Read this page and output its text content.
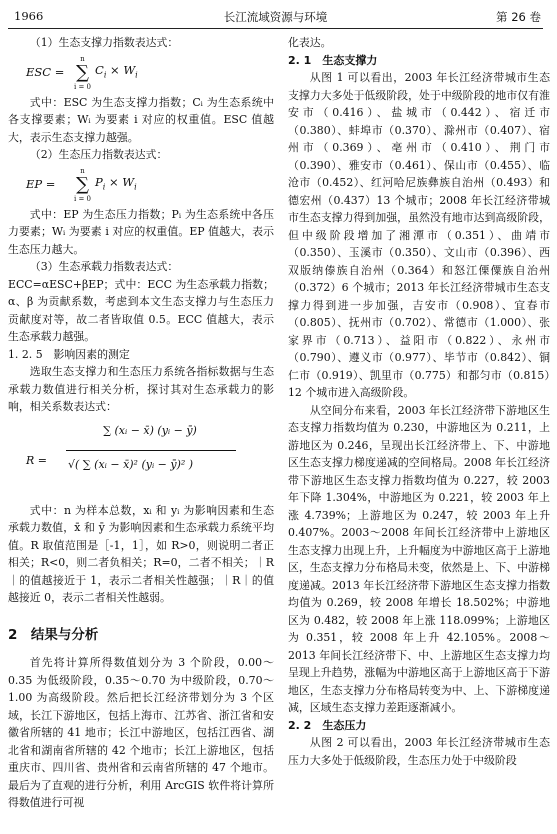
1966	长江流域资源与环境	第 26 卷

（1）生态支撑力指数表达式：

ESC =
n
∑
i = 0
$C_i \times W_i$

式中：ESC 为生态支撑力指数；Cᵢ 为生态系统中各支撑要素；Wᵢ 为要素 i 对应的权重值。ESC 值越大，表示生态支撑力越强。

（2）生态压力指数表达式：

EP =
n
∑
i = 0
$P_i \times W_i$

式中：EP 为生态压力指数；Pᵢ 为生态系统中各压力要素；Wᵢ 为要素 i 对应的权重值。EP 值越大，表示生态压力越大。

（3）生态承载力指数表达式：

ECC=αESC+βEP；式中：ECC 为生态承载力指数；α、β 为贡献系数，考虑到本文生态支撑力与生态压力贡献度对等，故二者皆取值 0.5。ECC 值越大，表示生态承载力越强。

1. 2. 5　影响因素的测定

选取生态支撑力和生态压力系统各指标数据与生态承载力数值进行相关分析，探讨其对生态承载力的影响，相关系数表达式：

R =
∑ (xᵢ − x̄) (yᵢ − ȳ)
√( ∑ (xᵢ − x̄)² (yᵢ − ȳ)² )

式中：n 为样本总数，xᵢ 和 yᵢ 为影响因素和生态承载力数值，x̄ 和 ȳ 为影响因素和生态承载力系统平均值。R 取值范围是［-1，1］，如 R>0，则说明二者正相关；R<0，则二者负相关；R=0，二者不相关；｜R｜的值越接近于 1，表示二者相关性越强；｜R｜的值越接近 0，表示二者相关性越弱。

2　结果与分析

首先将计算所得数值划分为 3 个阶段，0.00～0.35 为低级阶段，0.35～0.70 为中级阶段，0.70～1.00 为高级阶段。然后把长江经济带划分为 3 个区域，长江下游地区，包括上海市、江苏省、浙江省和安徽省所辖的 41 地市；长江中游地区，包括江西省、湖北省和湖南省所辖的 42 个地市；长江上游地区，包括重庆市、四川省、贵州省和云南省所辖的 47 个地市。最后为了直观的进行分析，利用 ArcGIS 软件将计算所得数值进行可视

化表达。

2. 1　生态支撑力

从图 1 可以看出，2003 年长江经济带城市生态支撑力大多处于低级阶段，处于中级阶段的地市仅有淮安市（0.416）、盐城市（0.442）、宿迁市（0.380）、蚌埠市（0.370）、滁州市（0.407）、宿州市（0.369）、亳州市（0.410）、荆门市（0.390）、雅安市（0.461）、保山市（0.455）、临沧市（0.452）、红河哈尼族彝族自治州（0.493）和德宏州（0.437）13 个城市；2008 年长江经济带城市生态支撑力得到加强，虽然没有地市达到高级阶段，但中级阶段增加了湘潭市（0.351）、曲靖市（0.350）、玉溪市（0.350）、文山市（0.396）、西双版纳傣族自治州（0.364）和怒江傈僳族自治州（0.372）6 个城市；2013 年长江经济带城市生态支撑力得到进一步加强，吉安市（0.908）、宜春市（0.805）、抚州市（0.702）、常德市（1.000）、张家界市（0.713）、益阳市（0.822）、永州市（0.790）、遵义市（0.977）、毕节市（0.842）、铜仁市（0.919）、凯里市（0.775）和都匀市（0.815）12 个城市进入高级阶段。

从空间分布来看，2003 年长江经济带下游地区生态支撑力指数均值为 0.230，中游地区为 0.211，上游地区为 0.246，呈现出长江经济带上、下、中游地区生态支撑力梯度递减的空间格局。2008 年长江经济带下游地区生态支撑力指数均值为 0.227，较 2003 年下降 1.304%，中游地区为 0.221，较 2003 年上涨 4.739%；上游地区为 0.247，较 2003 年上升 0.407%。2003～2008 年间长江经济带中上游地区生态支撑力出现上升，上升幅度为中游地区高于上游地区，生态支撑力分布格局未变，依然是上、下、中游梯度递减。2013 年长江经济带下游地区生态支撑力指数均值为 0.269，较 2008 年增长 18.502%；中游地区为 0.482，较 2008 年上涨 118.099%；上游地区为 0.351，较 2008 年上升 42.105%。2008～2013 年间长江经济带下、中、上游地区生态支撑力均呈现上升趋势，涨幅为中游地区高于上游地区高于下游地区，生态支撑力分布格局转变为中、上、下游梯度递减，区域生态支撑力差距逐渐减小。

2. 2　生态压力

从图 2 可以看出，2003 年长江经济带城市生态压力大多处于低级阶段，生态压力处于中级阶段
